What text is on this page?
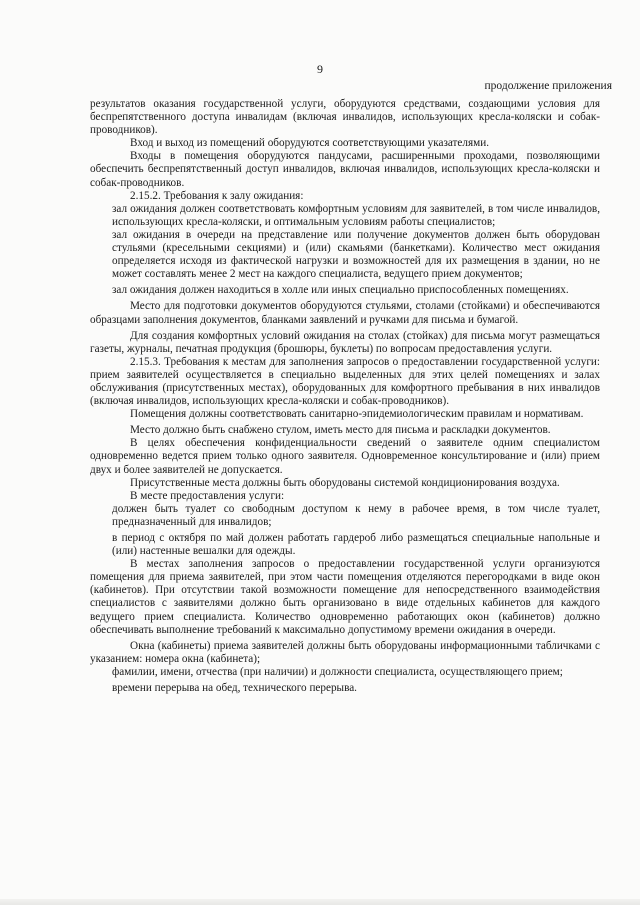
9
продолжение приложения

результатов оказания государственной услуги, оборудуются средствами, создающими условия для беспрепятственного доступа инвалидам (включая инвалидов, использующих кресла-коляски и собак-проводников).

Вход и выход из помещений оборудуются соответствующими указателями.

Входы в помещения оборудуются пандусами, расширенными проходами, позволяющими обеспечить беспрепятственный доступ инвалидов, включая инвалидов, использующих кресла-коляски и собак-проводников.

2.15.2. Требования к залу ожидания:

зал ожидания должен соответствовать комфортным условиям для заявителей, в том числе инвалидов, использующих кресла-коляски, и оптимальным условиям работы специалистов;

зал ожидания в очереди на представление или получение документов должен быть оборудован стульями (кресельными секциями) и (или) скамьями (банкетками). Количество мест ожидания определяется исходя из фактической нагрузки и возможностей для их размещения в здании, но не может составлять менее 2 мест на каждого специалиста, ведущего прием документов;

зал ожидания должен находиться в холле или иных специально приспособленных помещениях.

Место для подготовки документов оборудуются стульями, столами (стойками) и обеспечиваются образцами заполнения документов, бланками заявлений и ручками для письма и бумагой.

Для создания комфортных условий ожидания на столах (стойках) для письма могут размещаться газеты, журналы, печатная продукция (брошюры, буклеты) по вопросам предоставления услуги.

2.15.3. Требования к местам для заполнения запросов о предоставлении государственной услуги: прием заявителей осуществляется в специально выделенных для этих целей помещениях и залах обслуживания (присутственных местах), оборудованных для комфортного пребывания в них инвалидов (включая инвалидов, использующих кресла-коляски и собак-проводников).

Помещения должны соответствовать санитарно-эпидемиологическим правилам и нормативам.

Место должно быть снабжено стулом, иметь место для письма и раскладки документов.

В целях обеспечения конфиденциальности сведений о заявителе одним специалистом одновременно ведется прием только одного заявителя. Одновременное консультирование и (или) прием двух и более заявителей не допускается.

Присутственные места должны быть оборудованы системой кондиционирования воздуха.

В месте предоставления услуги:

должен быть туалет со свободным доступом к нему в рабочее время, в том числе туалет, предназначенный для инвалидов;

в период с октября по май должен работать гардероб либо размещаться специальные напольные и (или) настенные вешалки для одежды.

В местах заполнения запросов о предоставлении государственной услуги организуются помещения для приема заявителей, при этом части помещения отделяются перегородками в виде окон (кабинетов). При отсутствии такой возможности помещение для непосредственного взаимодействия специалистов с заявителями должно быть организовано в виде отдельных кабинетов для каждого ведущего прием специалиста. Количество одновременно работающих окон (кабинетов) должно обеспечивать выполнение требований к максимально допустимому времени ожидания в очереди.

Окна (кабинеты) приема заявителей должны быть оборудованы информационными табличками с указанием: номера окна (кабинета);

фамилии, имени, отчества (при наличии) и должности специалиста, осуществляющего прием;

времени перерыва на обед, технического перерыва.
